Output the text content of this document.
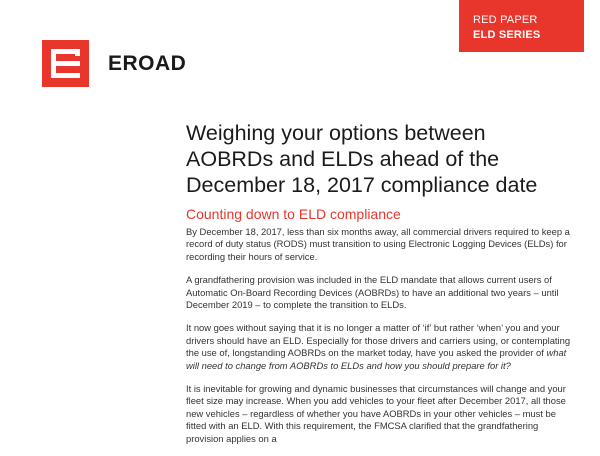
RED PAPER
ELD SERIES
EROAD
Weighing your options between AOBRDs and ELDs ahead of the December 18, 2017 compliance date
Counting down to ELD compliance

By December 18, 2017, less than six months away, all commercial drivers required to keep a record of duty status (RODS) must transition to using Electronic Logging Devices (ELDs) for recording their hours of service.

A grandfathering provision was included in the ELD mandate that allows current users of Automatic On-Board Recording Devices (AOBRDs) to have an additional two years – until December 2019 – to complete the transition to ELDs.

It now goes without saying that it is no longer a matter of ‘if’ but rather ‘when’ you and your drivers should have an ELD. Especially for those drivers and carriers using, or contemplating the use of, longstanding AOBRDs on the market today, have you asked the provider of what will need to change from AOBRDs to ELDs and how you should prepare for it?

It is inevitable for growing and dynamic businesses that circumstances will change and your fleet size may increase. When you add vehicles to your fleet after December 2017, all those new vehicles – regardless of whether you have AOBRDs in your other vehicles – must be fitted with an ELD. With this requirement, the FMCSA clarified that the grandfathering provision applies on a
